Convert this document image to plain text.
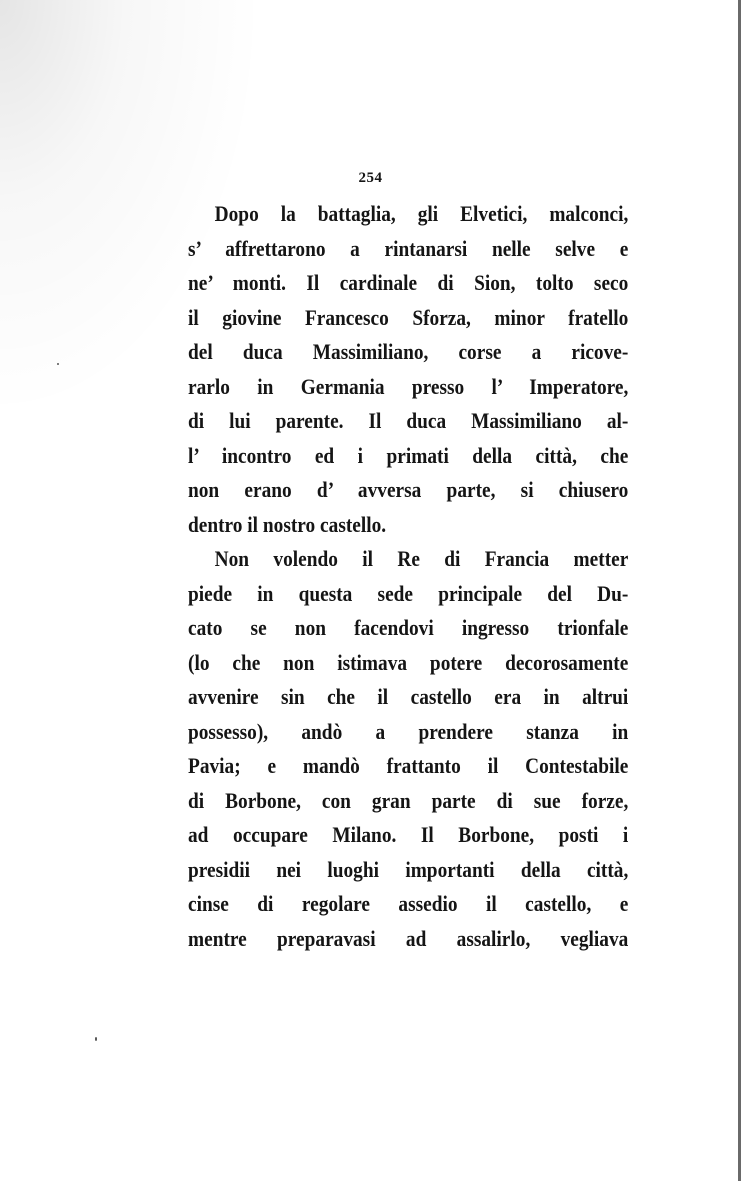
254
Dopo la battaglia, gli Elvetici, malconci,
s’ affrettarono a rintanarsi nelle selve e
ne’ monti. Il cardinale di Sion, tolto seco
il giovine Francesco Sforza, minor fratello
del duca Massimiliano, corse a ricove-
rarlo in Germania presso l’ Imperatore,
di lui parente. Il duca Massimiliano al-
l’ incontro ed i primati della città, che
non erano d’ avversa parte, si chiusero
dentro il nostro castello.
Non volendo il Re di Francia metter
piede in questa sede principale del Du-
cato se non facendovi ingresso trionfale
(lo che non istimava potere decorosamente
avvenire sin che il castello era in altrui
possesso), andò a prendere stanza in
Pavia; e mandò frattanto il Contestabile
di Borbone, con gran parte di sue forze,
ad occupare Milano. Il Borbone, posti i
presidii nei luoghi importanti della città,
cinse di regolare assedio il castello, e
mentre preparavasi ad assalirlo, vegliava
